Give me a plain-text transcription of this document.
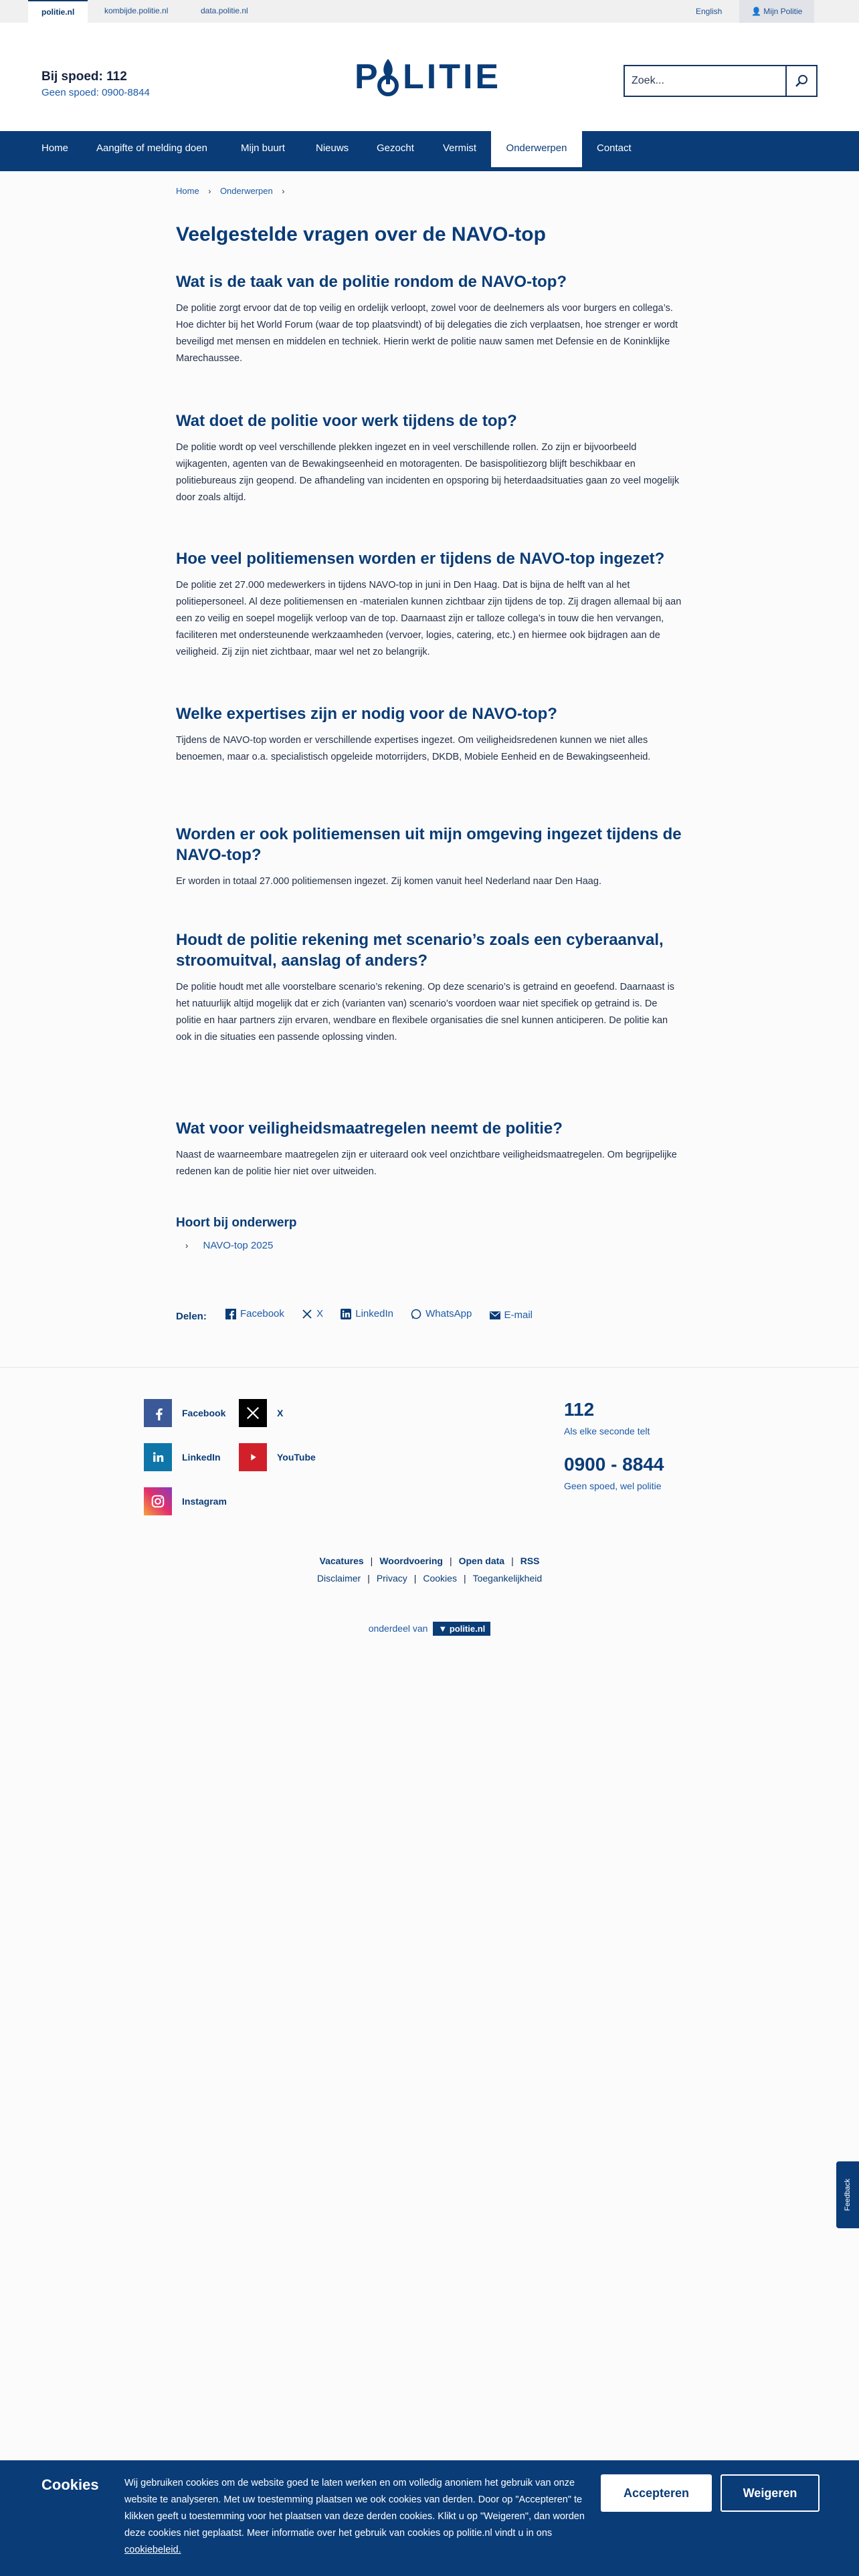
politie.nl	kombijde.politie.nl	data.politie.nl	English	👤 Mijn Politie
Bij spoed: 112
Geen spoed: 0900-8844	P LITIE	Zoek...
Home	Aangifte of melding doen	Mijn buurt	Nieuws	Gezocht	Vermist	Onderwerpen	Contact
Home › Onderwerpen ›
Veelgestelde vragen over de NAVO-top
Wat is de taak van de politie rondom de NAVO-top?

De politie zorgt ervoor dat de top veilig en ordelijk verloopt, zowel voor de deelnemers als voor burgers en collega’s. Hoe dichter bij het World Forum (waar de top plaatsvindt) of bij delegaties die zich verplaatsen, hoe strenger er wordt beveiligd met mensen en middelen en techniek. Hierin werkt de politie nauw samen met Defensie en de Koninklijke Marechaussee.

Wat doet de politie voor werk tijdens de top?

De politie wordt op veel verschillende plekken ingezet en in veel verschillende rollen. Zo zijn er bijvoorbeeld wijkagenten, agenten van de Bewakingseenheid en motoragenten. De basispolitiezorg blijft beschikbaar en politiebureaus zijn geopend. De afhandeling van incidenten en opsporing bij heterdaadsituaties gaan zo veel mogelijk door zoals altijd.

Hoe veel politiemensen worden er tijdens de NAVO-top ingezet?

De politie zet 27.000 medewerkers in tijdens NAVO-top in juni in Den Haag. Dat is bijna de helft van al het politiepersoneel. Al deze politiemensen en -materialen kunnen zichtbaar zijn tijdens de top. Zij dragen allemaal bij aan een zo veilig en soepel mogelijk verloop van de top. Daarnaast zijn er talloze collega’s in touw die hen vervangen, faciliteren met ondersteunende werkzaamheden (vervoer, logies, catering, etc.) en hiermee ook bijdragen aan de veiligheid. Zij zijn niet zichtbaar, maar wel net zo belangrijk.

Welke expertises zijn er nodig voor de NAVO-top?

Tijdens de NAVO-top worden er verschillende expertises ingezet. Om veiligheidsredenen kunnen we niet alles benoemen, maar o.a. specialistisch opgeleide motorrijders, DKDB, Mobiele Eenheid en de Bewakingseenheid.

Worden er ook politiemensen uit mijn omgeving ingezet tijdens de NAVO-top?

Er worden in totaal 27.000 politiemensen ingezet. Zij komen vanuit heel Nederland naar Den Haag.

Houdt de politie rekening met scenario’s zoals een cyberaanval, stroomuitval, aanslag of anders?

De politie houdt met alle voorstelbare scenario’s rekening. Op deze scenario’s is getraind en geoefend. Daarnaast is het natuurlijk altijd mogelijk dat er zich (varianten van) scenario’s voordoen waar niet specifiek op getraind is. De politie en haar partners zijn ervaren, wendbare en flexibele organisaties die snel kunnen anticiperen. De politie kan ook in die situaties een passende oplossing vinden.

Wat voor veiligheidsmaatregelen neemt de politie?

Naast de waarneembare maatregelen zijn er uiteraard ook veel onzichtbare veiligheidsmaatregelen. Om begrijpelijke redenen kan de politie hier niet over uitweiden.

Hoort bij onderwerp
› NAVO-top 2025
Delen:	Facebook
	X
	LinkedIn
	WhatsApp
	E-mail
Facebook	X
LinkedIn	YouTube
Instagram
112
Als elke seconde telt
0900 - 8844
Geen spoed, wel politie
Vacatures | Woordvoering | Open data | RSS
Disclaimer | Privacy | Cookies | Toegankelijkheid
onderdeel van ▼ politie.nl
Feedback
Cookies	Wij gebruiken cookies om de website goed te laten werken en om volledig anoniem het gebruik van onze website te analyseren. Met uw toestemming plaatsen we ook cookies van derden. Door op "Accepteren" te klikken geeft u toestemming voor het plaatsen van deze derden cookies. Klikt u op "Weigeren", dan worden deze cookies niet geplaatst. Meer informatie over het gebruik van cookies op politie.nl vindt u in ons cookiebeleid.
Accepteren	Weigeren
